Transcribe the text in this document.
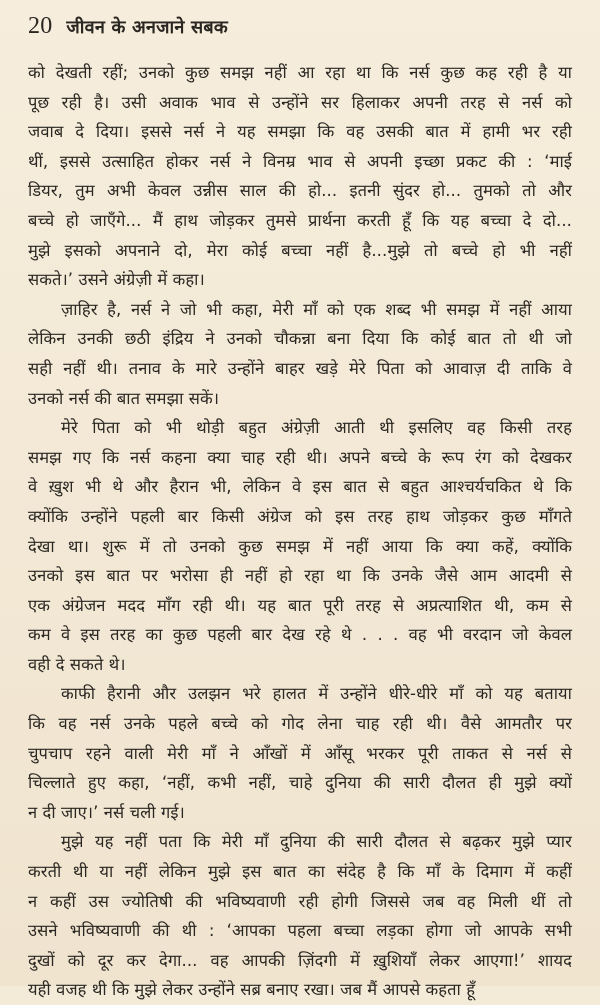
20 जीवन के अनजाने सबक

को देखती रहीं; उनको कुछ समझ नहीं आ रहा था कि नर्स कुछ कह रही है या
पूछ रही है। उसी अवाक भाव से उन्होंने सर हिलाकर अपनी तरह से नर्स को
जवाब दे दिया। इससे नर्स ने यह समझा कि वह उसकी बात में हामी भर रही
थीं, इससे उत्साहित होकर नर्स ने विनम्र भाव से अपनी इच्छा प्रकट की : ‘माई
डियर, तुम अभी केवल उन्नीस साल की हो... इतनी सुंदर हो... तुमको तो और
बच्चे हो जाएँगे... मैं हाथ जोड़कर तुमसे प्रार्थना करती हूँ कि यह बच्चा दे दो...
मुझे इसको अपनाने दो, मेरा कोई बच्चा नहीं है...मुझे तो बच्चे हो भी नहीं
सकते।’ उसने अंग्रेज़ी में कहा।

ज़ाहिर है, नर्स ने जो भी कहा, मेरी माँ को एक शब्द भी समझ में नहीं आया
लेकिन उनकी छठी इंद्रिय ने उनको चौकन्ना बना दिया कि कोई बात तो थी जो
सही नहीं थी। तनाव के मारे उन्होंने बाहर खड़े मेरे पिता को आवाज़ दी ताकि वे
उनको नर्स की बात समझा सकें।

मेरे पिता को भी थोड़ी बहुत अंग्रेज़ी आती थी इसलिए वह किसी तरह
समझ गए कि नर्स कहना क्या चाह रही थी। अपने बच्चे के रूप रंग को देखकर
वे ख़ुश भी थे और हैरान भी, लेकिन वे इस बात से बहुत आश्चर्यचकित थे कि
क्योंकि उन्होंने पहली बार किसी अंग्रेज को इस तरह हाथ जोड़कर कुछ माँगते
देखा था। शुरू में तो उनको कुछ समझ में नहीं आया कि क्या कहें, क्योंकि
उनको इस बात पर भरोसा ही नहीं हो रहा था कि उनके जैसे आम आदमी से
एक अंग्रेजन मदद माँग रही थी। यह बात पूरी तरह से अप्रत्याशित थी, कम से
कम वे इस तरह का कुछ पहली बार देख रहे थे . . . वह भी वरदान जो केवल
वही दे सकते थे।

काफी हैरानी और उलझन भरे हालत में उन्होंने धीरे-धीरे माँ को यह बताया
कि वह नर्स उनके पहले बच्चे को गोद लेना चाह रही थी। वैसे आमतौर पर
चुपचाप रहने वाली मेरी माँ ने आँखों में आँसू भरकर पूरी ताकत से नर्स से
चिल्लाते हुए कहा, ‘नहीं, कभी नहीं, चाहे दुनिया की सारी दौलत ही मुझे क्यों
न दी जाए।’ नर्स चली गई।

मुझे यह नहीं पता कि मेरी माँ दुनिया की सारी दौलत से बढ़कर मुझे प्यार
करती थी या नहीं लेकिन मुझे इस बात का संदेह है कि माँ के दिमाग में कहीं
न कहीं उस ज्योतिषी की भविष्यवाणी रही होगी जिससे जब वह मिली थीं तो
उसने भविष्यवाणी की थी : ‘आपका पहला बच्चा लड़का होगा जो आपके सभी
दुखों को दूर कर देगा... वह आपकी ज़िंदगी में ख़ुशियाँ लेकर आएगा!’ शायद
यही वजह थी कि मुझे लेकर उन्होंने सब्र बनाए रखा। जब मैं आपसे कहता हूँ
